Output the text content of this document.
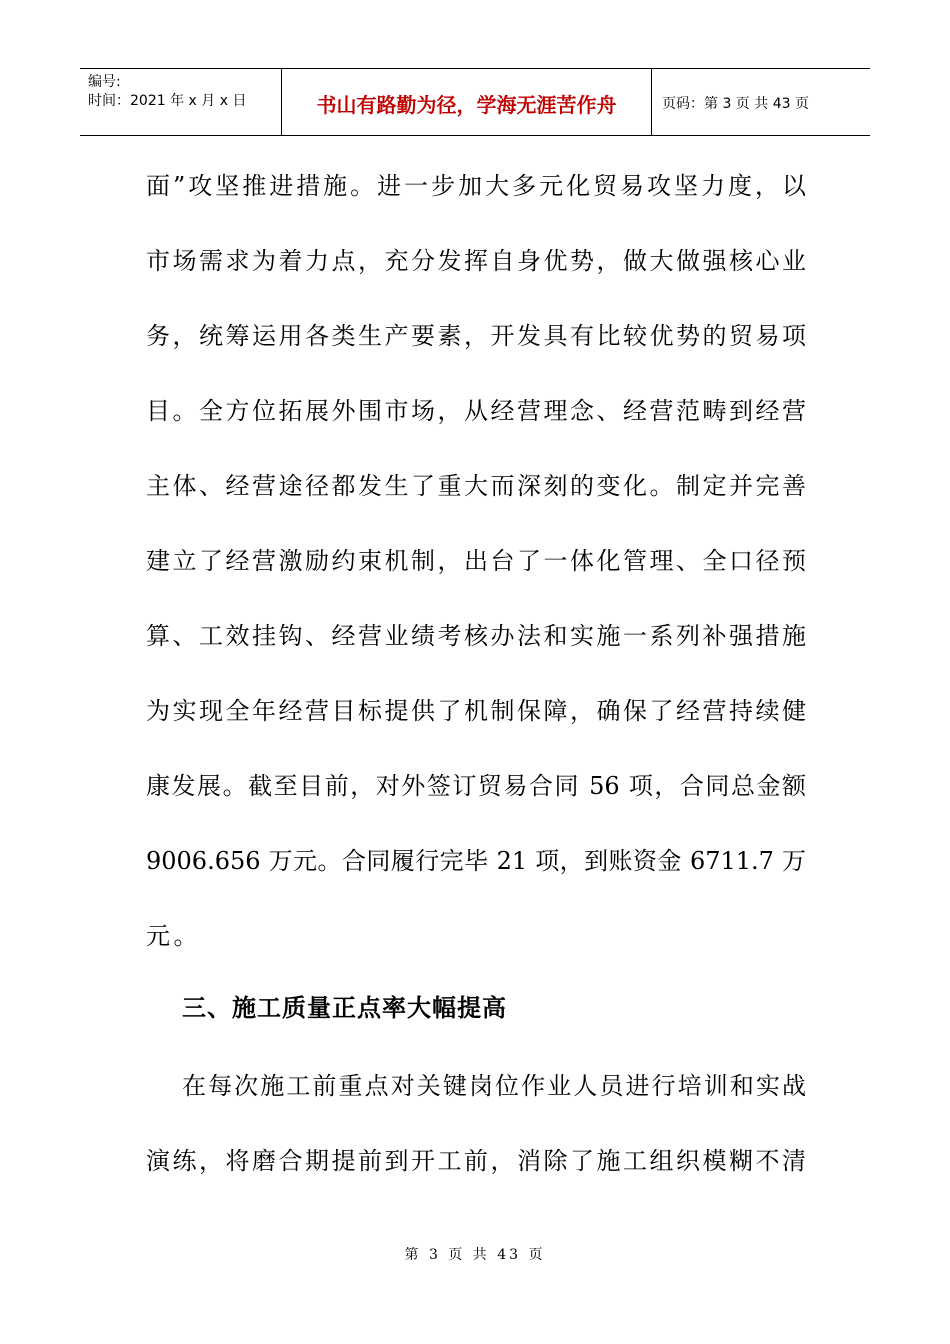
编号:
时间：2021 年 x 月 x 日	书山有路勤为径，学海无涯苦作舟	页码：第 3 页 共 43 页
面”攻坚推进措施。进一步加大多元化贸易攻坚力度，以
市场需求为着力点，充分发挥自身优势，做大做强核心业
务，统筹运用各类生产要素，开发具有比较优势的贸易项
目。全方位拓展外围市场，从经营理念、经营范畴到经营
主体、经营途径都发生了重大而深刻的变化。制定并完善
建立了经营激励约束机制，出台了一体化管理、全口径预
算、工效挂钩、经营业绩考核办法和实施一系列补强措施
为实现全年经营目标提供了机制保障，确保了经营持续健
康发展。截至目前，对外签订贸易合同 56 项，合同总金额
9006.656 万元。合同履行完毕 21 项，到账资金 6711.7 万
元。
三、施工质量正点率大幅提高
在每次施工前重点对关键岗位作业人员进行培训和实战
演练，将磨合期提前到开工前，消除了施工组织模糊不清
第 3 页 共 43 页
